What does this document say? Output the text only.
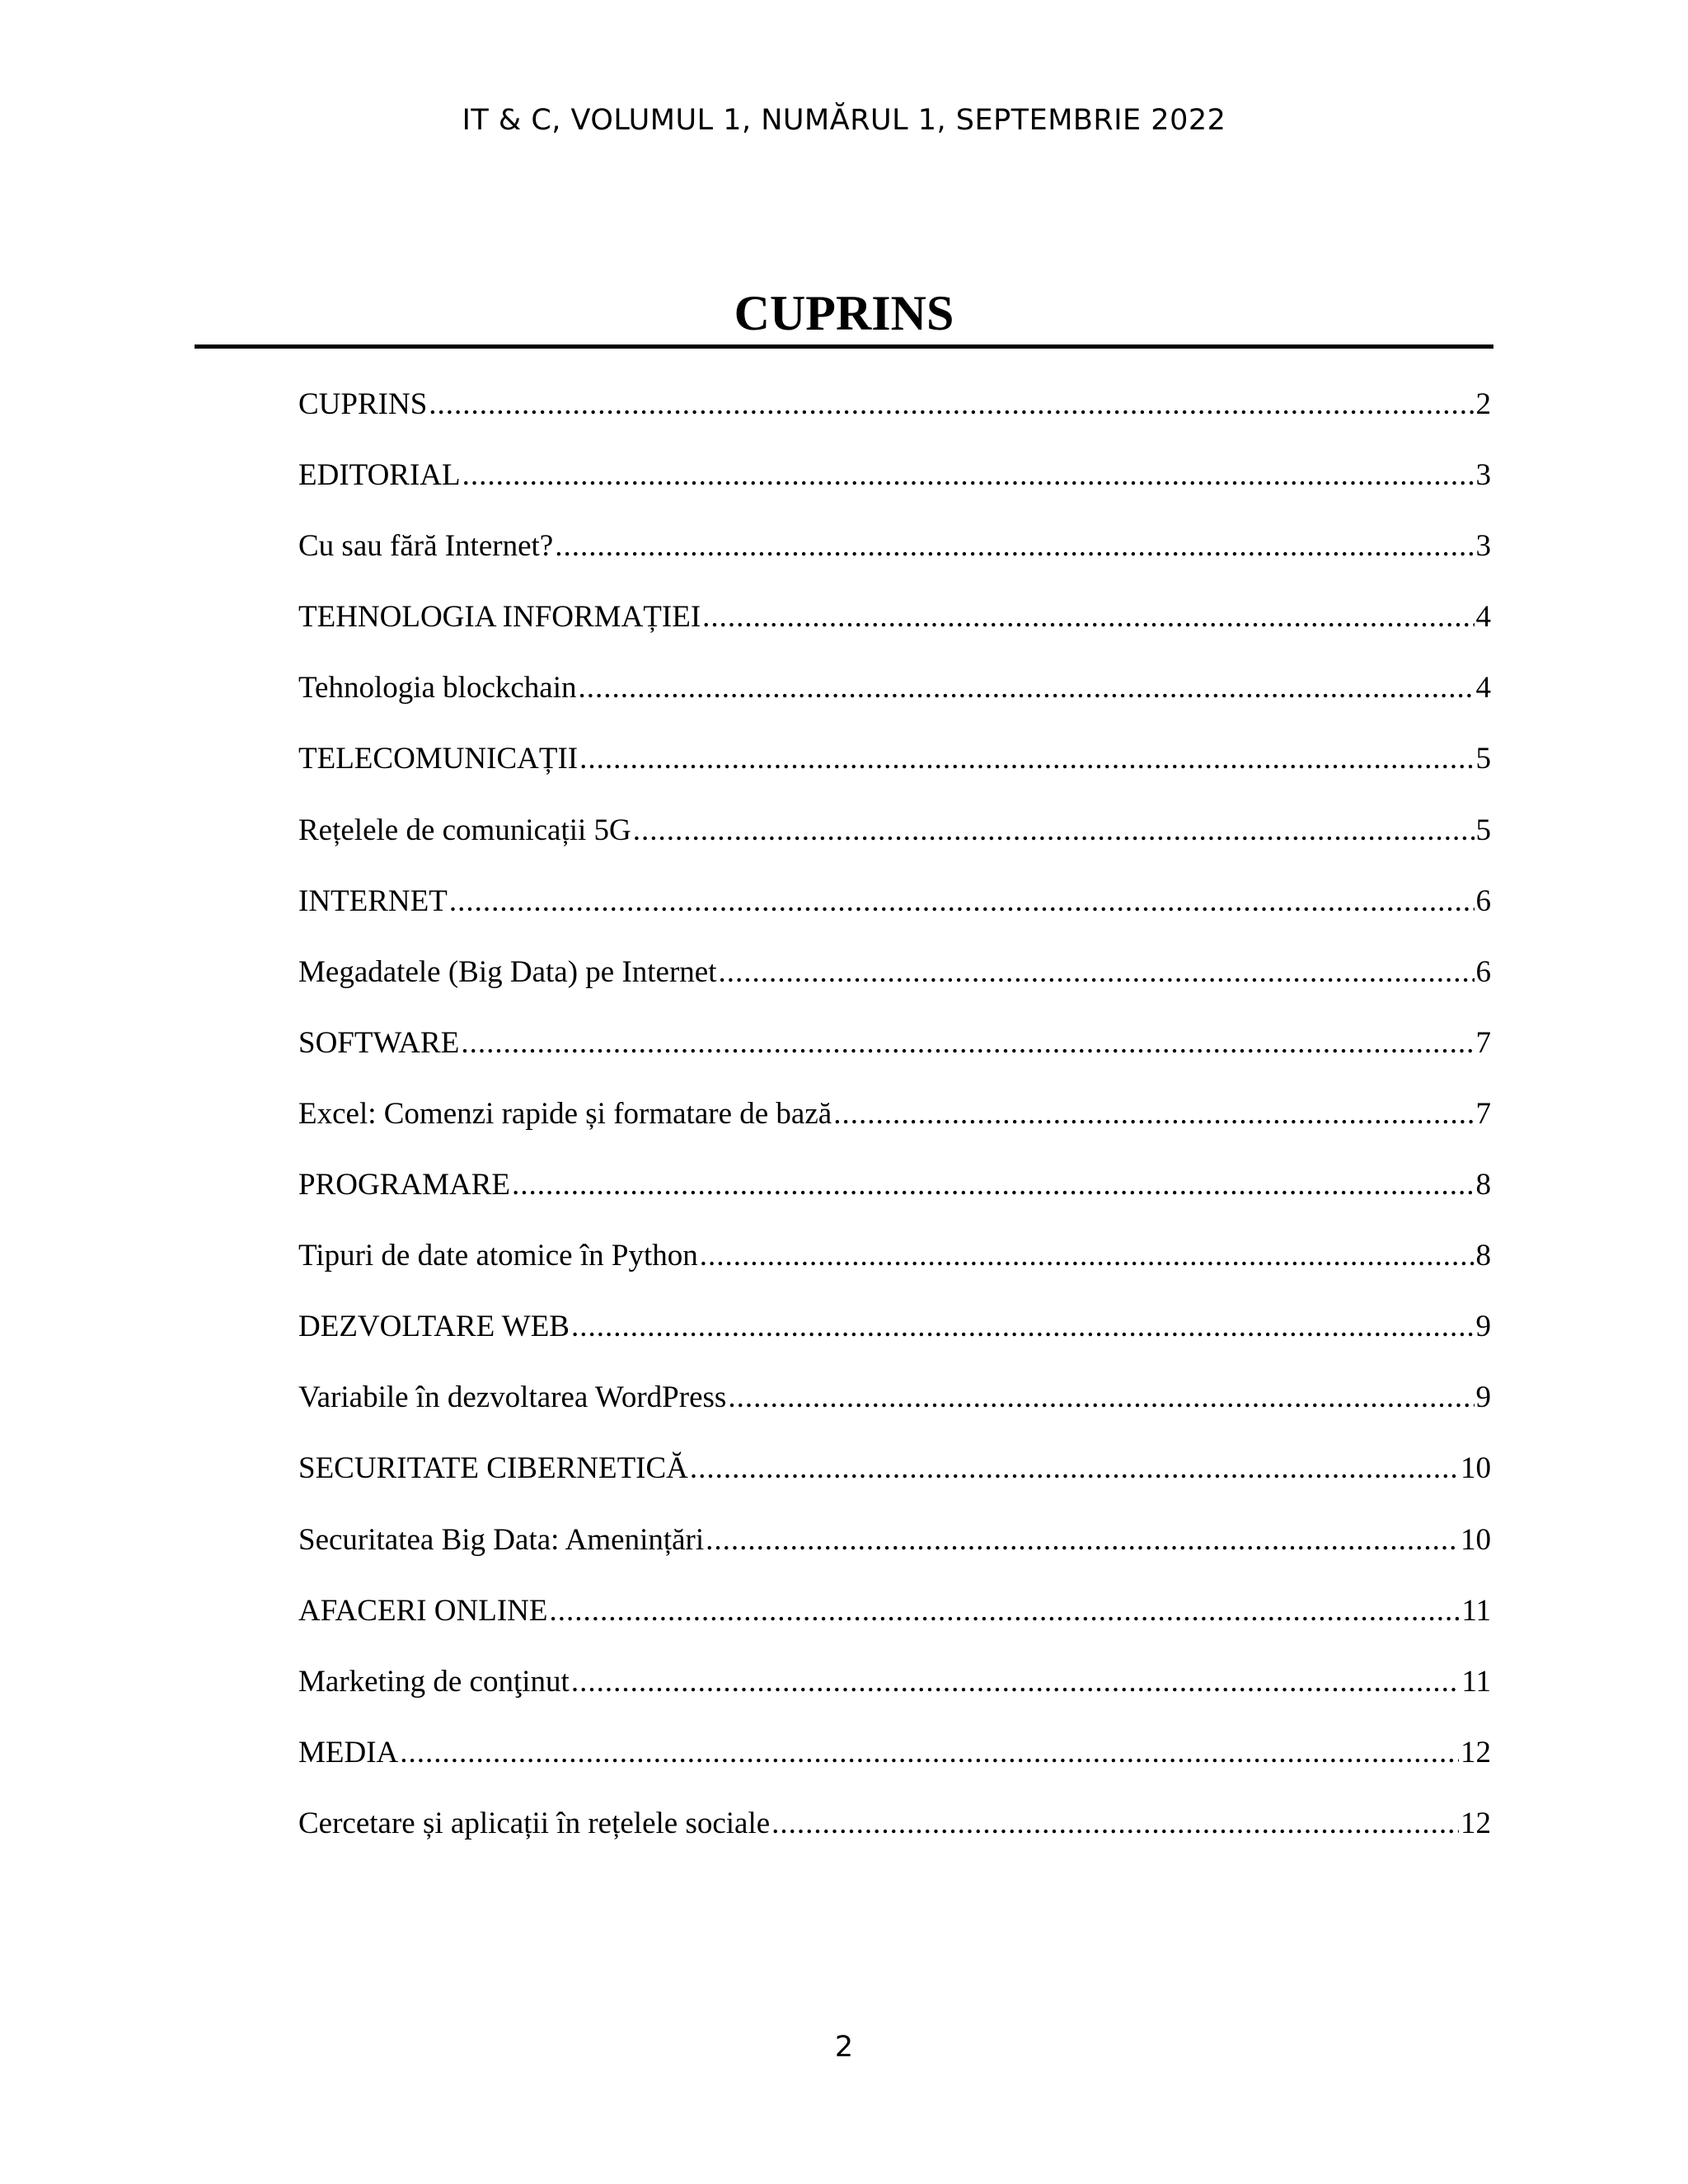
IT & C, VOLUMUL 1, NUMĂRUL 1, SEPTEMBRIE 2022
CUPRINS
CUPRINS .....	2
EDITORIAL .....	3
Cu sau fără Internet? .....	3
TEHNOLOGIA INFORMAȚIEI .....	4
Tehnologia blockchain .....	4
TELECOMUNICAȚII .....	5
Rețelele de comunicații 5G .....	5
INTERNET .....	6
Megadatele (Big Data) pe Internet .....	6
SOFTWARE .....	7
Excel: Comenzi rapide și formatare de bază .....	7
PROGRAMARE .....	8
Tipuri de date atomice în Python .....	8
DEZVOLTARE WEB .....	9
Variabile în dezvoltarea WordPress .....	9
SECURITATE CIBERNETICĂ .....	10
Securitatea Big Data: Amenințări .....	10
AFACERI ONLINE .....	11
Marketing de conţinut .....	11
MEDIA .....	12
Cercetare și aplicații în rețelele sociale .....	12
2
